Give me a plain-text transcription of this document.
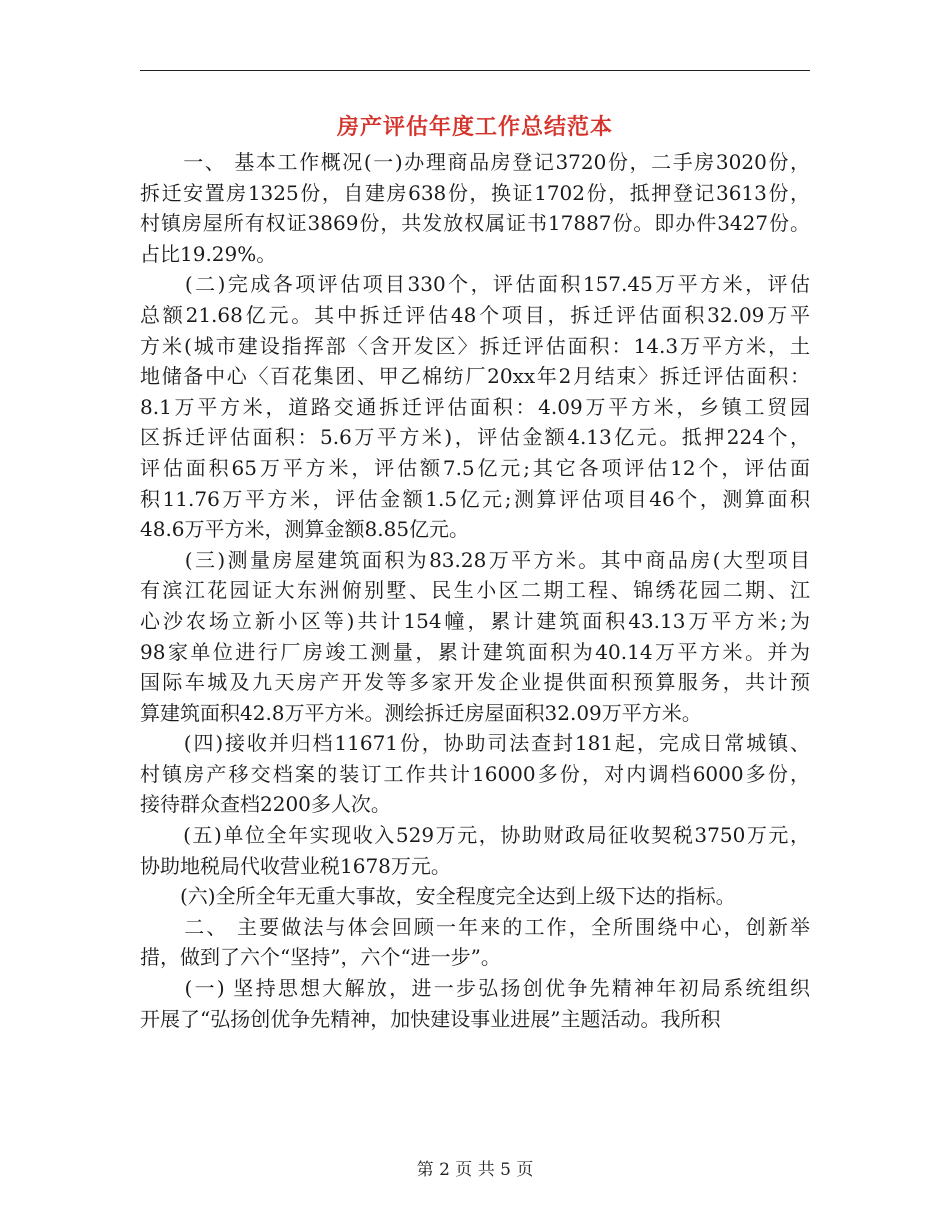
房产评估年度工作总结范本
　　一、 基本工作概况(一)办理商品房登记3720份，二手房3020份，
拆迁安置房1325份，自建房638份，换证1702份，抵押登记3613份，
村镇房屋所有权证3869份，共发放权属证书17887份。即办件3427份。
占比19.29%。
　　(二)完成各项评估项目330个，评估面积157.45万平方米，评估
总额21.68亿元。其中拆迁评估48个项目，拆迁评估面积32.09万平
方米(城市建设指挥部〈含开发区〉拆迁评估面积：14.3万平方米，土
地储备中心〈百花集团、甲乙棉纺厂20xx年2月结束〉拆迁评估面积：
8.1万平方米，道路交通拆迁评估面积：4.09万平方米，乡镇工贸园
区拆迁评估面积：5.6万平方米)，评估金额4.13亿元。抵押224个，
评估面积65万平方米，评估额7.5亿元;其它各项评估12个，评估面
积11.76万平方米，评估金额1.5亿元;测算评估项目46个，测算面积
48.6万平方米，测算金额8.85亿元。
　　(三)测量房屋建筑面积为83.28万平方米。其中商品房(大型项目
有滨江花园证大东洲俯别墅、民生小区二期工程、锦绣花园二期、江
心沙农场立新小区等)共计154幢，累计建筑面积43.13万平方米;为
98家单位进行厂房竣工测量，累计建筑面积为40.14万平方米。并为
国际车城及九天房产开发等多家开发企业提供面积预算服务，共计预
算建筑面积42.8万平方米。测绘拆迁房屋面积32.09万平方米。
　　(四)接收并归档11671份，协助司法查封181起，完成日常城镇、
村镇房产移交档案的装订工作共计16000多份，对内调档6000多份，
接待群众查档2200多人次。
　　(五)单位全年实现收入529万元，协助财政局征收契税3750万元，
协助地税局代收营业税1678万元。
　　(六)全所全年无重大事故，安全程度完全达到上级下达的指标。
　　二、 主要做法与体会回顾一年来的工作，全所围绕中心，创新举
措，做到了六个“坚持”，六个“进一步”。
　　(一) 坚持思想大解放，进一步弘扬创优争先精神年初局系统组织
开展了“弘扬创优争先精神，加快建设事业进展”主题活动。我所积
第 2 页 共 5 页
